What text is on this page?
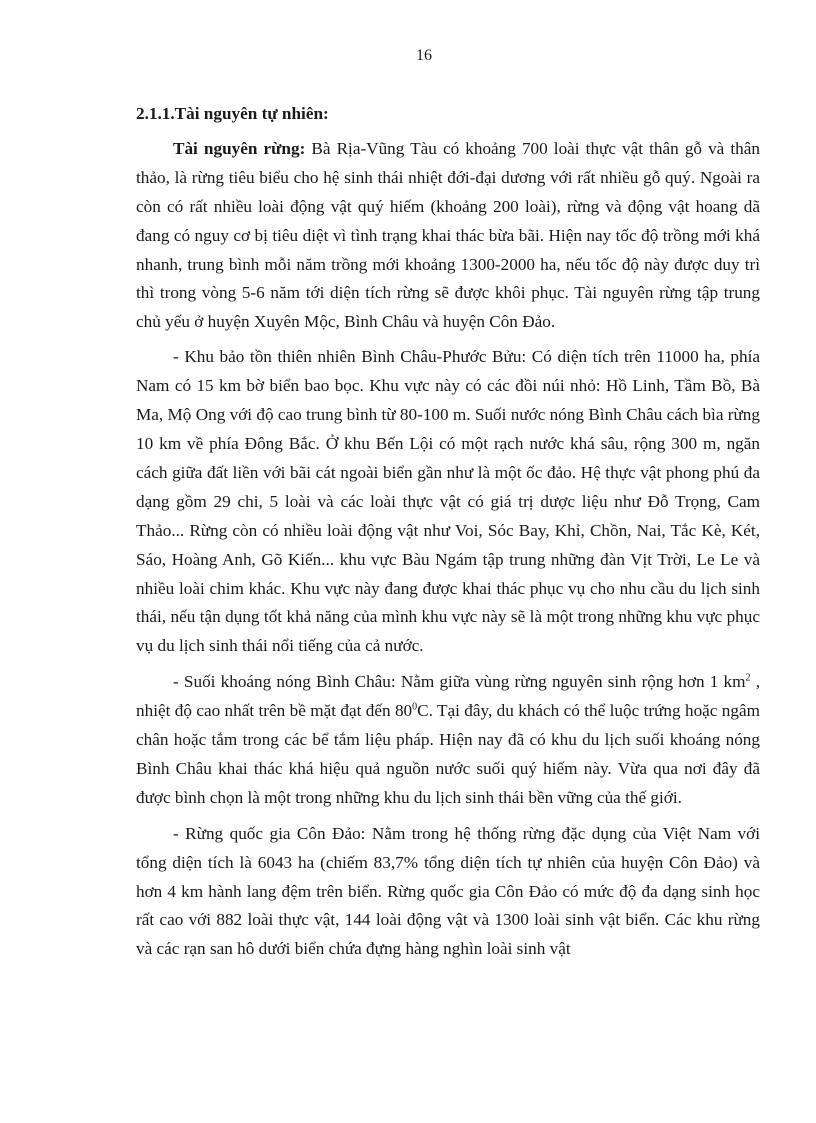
16
2.1.1.Tài nguyên tự nhiên:

Tài nguyên rừng: Bà Rịa-Vũng Tàu có khoảng 700 loài thực vật thân gỗ và thân thảo, là rừng tiêu biểu cho hệ sinh thái nhiệt đới-đại dương với rất nhiều gỗ quý. Ngoài ra còn có rất nhiều loài động vật quý hiếm (khoảng 200 loài), rừng và động vật hoang dã đang có nguy cơ bị tiêu diệt vì tình trạng khai thác bừa bãi. Hiện nay tốc độ trồng mới khá nhanh, trung bình mỗi năm trồng mới khoảng 1300-2000 ha, nếu tốc độ này được duy trì thì trong vòng 5-6 năm tới diện tích rừng sẽ được khôi phục. Tài nguyên rừng tập trung chủ yếu ở huyện Xuyên Mộc, Bình Châu và huyện Côn Đảo.

- Khu bảo tồn thiên nhiên Bình Châu-Phước Bửu: Có diện tích trên 11000 ha, phía Nam có 15 km bờ biển bao bọc. Khu vực này có các đồi núi nhỏ: Hồ Linh, Tầm Bồ, Bà Ma, Mộ Ong với độ cao trung bình từ 80-100 m. Suối nước nóng Bình Châu cách bìa rừng 10 km về phía Đông Bắc. Ở khu Bến Lội có một rạch nước khá sâu, rộng 300 m, ngăn cách giữa đất liền với bãi cát ngoài biển gần như là một ốc đảo. Hệ thực vật phong phú đa dạng gồm 29 chi, 5 loài và các loài thực vật có giá trị dược liệu như Đỗ Trọng, Cam Thảo... Rừng còn có nhiều loài động vật như Voi, Sóc Bay, Khỉ, Chồn, Nai, Tắc Kè, Két, Sáo, Hoàng Anh, Gõ Kiến... khu vực Bàu Ngám tập trung những đàn Vịt Trời, Le Le và nhiều loài chim khác. Khu vực này đang được khai thác phục vụ cho nhu cầu du lịch sinh thái, nếu tận dụng tốt khả năng của mình khu vực này sẽ là một trong những khu vực phục vụ du lịch sinh thái nổi tiếng của cả nước.

- Suối khoáng nóng Bình Châu: Nằm giữa vùng rừng nguyên sinh rộng hơn 1 $km^2$ , nhiệt độ cao nhất trên bề mặt đạt đến $80^0C$. Tại đây, du khách có thể luộc trứng hoặc ngâm chân hoặc tắm trong các bể tắm liệu pháp. Hiện nay đã có khu du lịch suối khoáng nóng Bình Châu khai thác khá hiệu quả nguồn nước suối quý hiếm này. Vừa qua nơi đây đã được bình chọn là một trong những khu du lịch sinh thái bền vững của thế giới.

- Rừng quốc gia Côn Đảo: Nằm trong hệ thống rừng đặc dụng của Việt Nam với tổng diện tích là 6043 ha (chiếm 83,7% tổng diện tích tự nhiên của huyện Côn Đảo) và hơn 4 km hành lang đệm trên biển. Rừng quốc gia Côn Đảo có mức độ đa dạng sinh học rất cao với 882 loài thực vật, 144 loài động vật và 1300 loài sinh vật biển. Các khu rừng và các rạn san hô dưới biển chứa đựng hàng nghìn loài sinh vật
